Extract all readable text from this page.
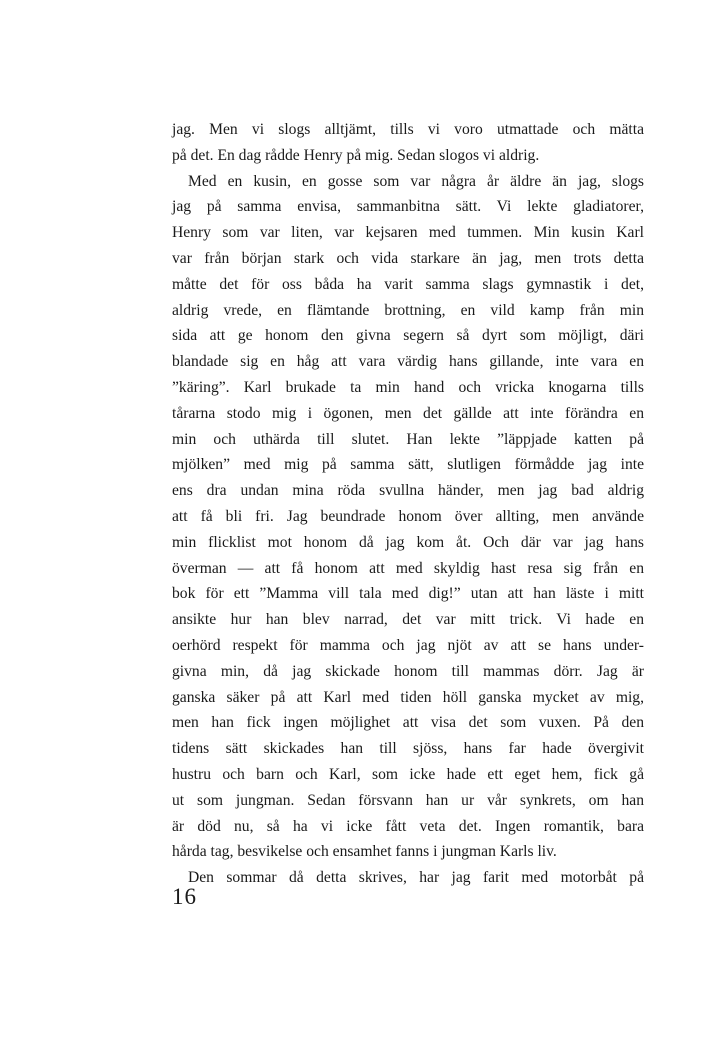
jag. Men vi slogs alltjämt, tills vi voro utmattade och mätta
på det. En dag rådde Henry på mig. Sedan slogos vi aldrig.
Med en kusin, en gosse som var några år äldre än jag, slogs
jag på samma envisa, sammanbitna sätt. Vi lekte gladiatorer,
Henry som var liten, var kejsaren med tummen. Min kusin Karl
var från början stark och vida starkare än jag, men trots detta
måtte det för oss båda ha varit samma slags gymnastik i det,
aldrig vrede, en flämtande brottning, en vild kamp från min
sida att ge honom den givna segern så dyrt som möjligt, däri
blandade sig en håg att vara värdig hans gillande, inte vara en
”käring”. Karl brukade ta min hand och vricka knogarna tills
tårarna stodo mig i ögonen, men det gällde att inte förändra en
min och uthärda till slutet. Han lekte ”läppjade katten på
mjölken” med mig på samma sätt, slutligen förmådde jag inte
ens dra undan mina röda svullna händer, men jag bad aldrig
att få bli fri. Jag beundrade honom över allting, men använde
min flicklist mot honom då jag kom åt. Och där var jag hans
överman — att få honom att med skyldig hast resa sig från en
bok för ett ”Mamma vill tala med dig!” utan att han läste i mitt
ansikte hur han blev narrad, det var mitt trick. Vi hade en
oerhörd respekt för mamma och jag njöt av att se hans under-
givna min, då jag skickade honom till mammas dörr. Jag är
ganska säker på att Karl med tiden höll ganska mycket av mig,
men han fick ingen möjlighet att visa det som vuxen. På den
tidens sätt skickades han till sjöss, hans far hade övergivit
hustru och barn och Karl, som icke hade ett eget hem, fick gå
ut som jungman. Sedan försvann han ur vår synkrets, om han
är död nu, så ha vi icke fått veta det. Ingen romantik, bara
hårda tag, besvikelse och ensamhet fanns i jungman Karls liv.
Den sommar då detta skrives, har jag farit med motorbåt på
16
